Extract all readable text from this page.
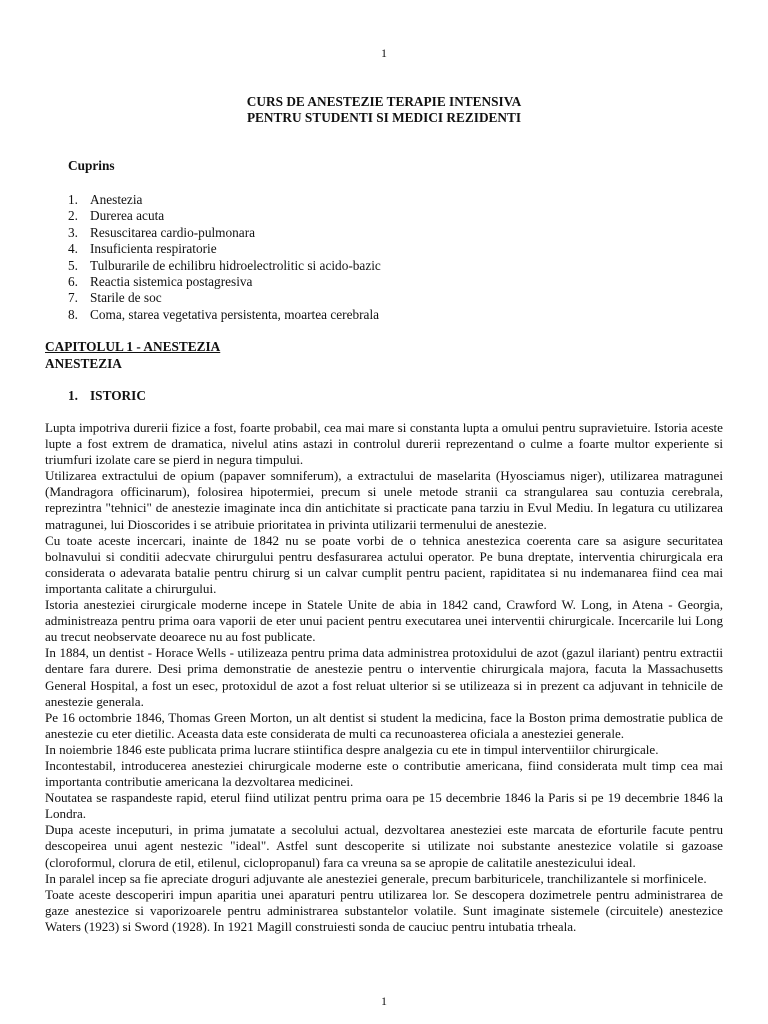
1
CURS DE ANESTEZIE TERAPIE INTENSIVA
PENTRU STUDENTI SI MEDICI REZIDENTI
Cuprins
1. Anestezia
2. Durerea acuta
3. Resuscitarea cardio-pulmonara
4. Insuficienta respiratorie
5. Tulburarile de echilibru hidroelectrolitic si acido-bazic
6. Reactia sistemica postagresiva
7. Starile de soc
8. Coma, starea vegetativa persistenta, moartea cerebrala
CAPITOLUL 1 - ANESTEZIA
ANESTEZIA
1. ISTORIC

Lupta impotriva durerii fizice a fost, foarte probabil, cea mai mare si constanta lupta a omului pentru supravietuire. Istoria aceste lupte a fost extrem de dramatica, nivelul atins astazi in controlul durerii reprezentand o culme a foarte multor experiente si triumfuri izolate care se pierd in negura timpului.

Utilizarea extractului de opium (papaver somniferum), a extractului de maselarita (Hyosciamus niger), utilizarea matragunei (Mandragora officinarum), folosirea hipotermiei, precum si unele metode stranii ca strangularea sau contuzia cerebrala, reprezintra "tehnici" de anestezie imaginate inca din antichitate si practicate pana tarziu in Evul Mediu. In legatura cu utilizarea matragunei, lui Dioscorides i se atribuie prioritatea in privinta utilizarii termenului de anestezie.

Cu toate aceste incercari, inainte de 1842 nu se poate vorbi de o tehnica anestezica coerenta care sa asigure securitatea bolnavului si conditii adecvate chirurgului pentru desfasurarea actului operator. Pe buna dreptate, interventia chirurgicala era considerata o adevarata batalie pentru chirurg si un calvar cumplit pentru pacient, rapiditatea si nu indemanarea fiind cea mai importanta calitate a chirurgului.

Istoria anesteziei cirurgicale moderne incepe in Statele Unite de abia in 1842 cand, Crawford W. Long, in Atena - Georgia, administreaza pentru prima oara vaporii de eter unui pacient pentru executarea unei interventii chirurgicale. Incercarile lui Long au trecut neobservate deoarece nu au fost publicate.

In 1884, un dentist - Horace Wells - utilizeaza pentru prima data administrea protoxidului de azot (gazul ilariant) pentru extractii dentare fara durere. Desi prima demonstratie de anestezie pentru o interventie chirurgicala majora, facuta la Massachusetts General Hospital, a fost un esec, protoxidul de azot a fost reluat ulterior si se utilizeaza si in prezent ca adjuvant in tehnicile de anestezie generala.

Pe 16 octombrie 1846, Thomas Green Morton, un alt dentist si student la medicina, face la Boston prima demostratie publica de anestezie cu eter dietilic. Aceasta data este considerata de multi ca recunoasterea oficiala a anesteziei generale.

In noiembrie 1846 este publicata prima lucrare stiintifica despre analgezia cu ete in timpul interventiilor chirurgicale.

Incontestabil, introducerea anesteziei chirurgicale moderne este o contributie americana, fiind considerata mult timp cea mai importanta contributie americana la dezvoltarea medicinei.

Noutatea se raspandeste rapid, eterul fiind utilizat pentru prima oara pe 15 decembrie 1846 la Paris si pe 19 decembrie 1846 la Londra.

Dupa aceste inceputuri, in prima jumatate a secolului actual, dezvoltarea anesteziei este marcata de eforturile facute pentru descopeirea unui agent nestezic "ideal". Astfel sunt descoperite si utilizate noi substante anestezice volatile si gazoase (cloroformul, clorura de etil, etilenul, ciclopropanul) fara ca vreuna sa se apropie de calitatile anestezicului ideal.

In paralel incep sa fie apreciate droguri adjuvante ale anesteziei generale, precum barbituricele, tranchilizantele si morfinicele.

Toate aceste descoperiri impun aparitia unei aparaturi pentru utilizarea lor. Se descopera dozimetrele pentru administrarea de gaze anestezice si vaporizoarele pentru administrarea substantelor volatile. Sunt imaginate sistemele (circuitele) anestezice Waters (1923) si Sword (1928). In 1921 Magill construiesti sonda de cauciuc pentru intubatia trheala.

1
